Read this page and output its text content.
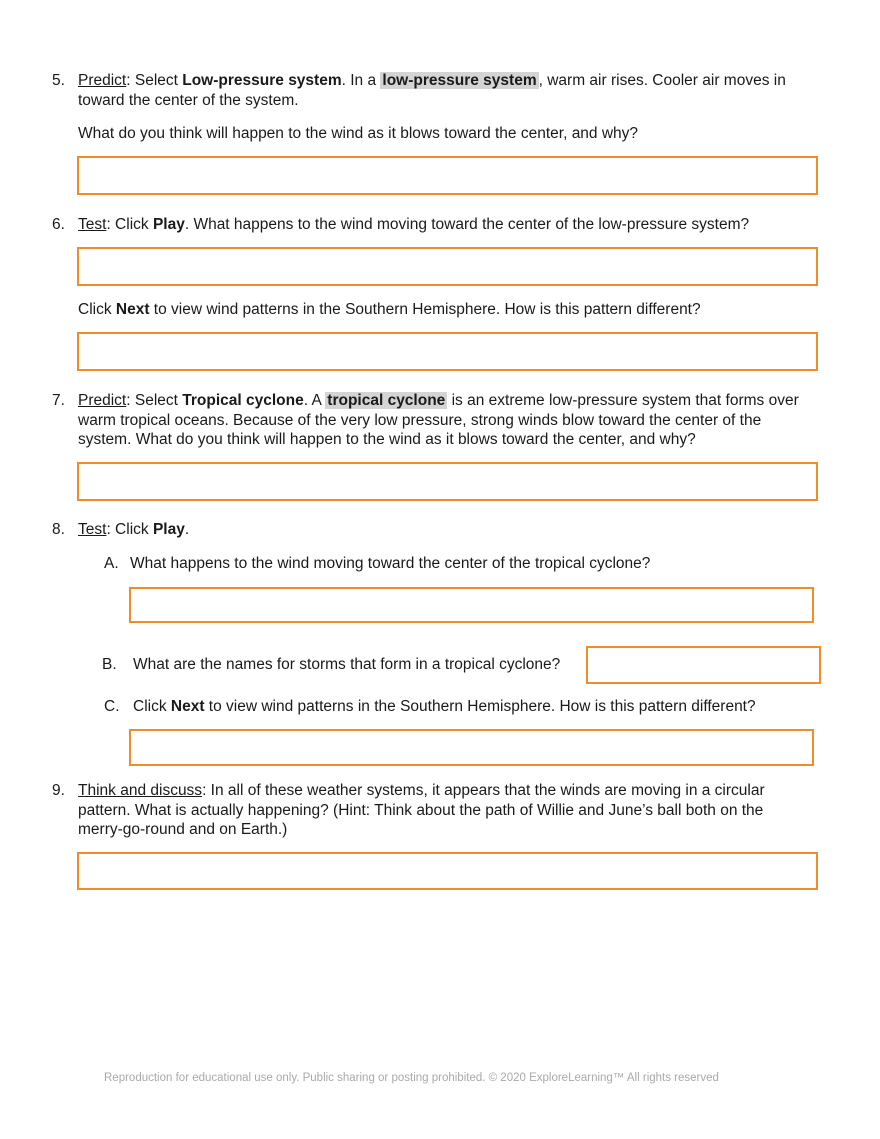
5. Predict: Select Low-pressure system. In a low-pressure system , warm air rises. Cooler air moves in
toward the center of the system.
What do you think will happen to the wind as it blows toward the center, and why?
6. Test: Click Play. What happens to the wind moving toward the center of the low-pressure system?
Click Next to view wind patterns in the Southern Hemisphere. How is this pattern different?
7. Predict: Select Tropical cyclone. A tropical cyclone is an extreme low-pressure system that forms over
warm tropical oceans. Because of the very low pressure, strong winds blow toward the center of the
system. What do you think will happen to the wind as it blows toward the center, and why?
8. Test: Click Play.
A. What happens to the wind moving toward the center of the tropical cyclone?
B. What are the names for storms that form in a tropical cyclone?
C. Click Next to view wind patterns in the Southern Hemisphere. How is this pattern different?
9. Think and discuss: In all of these weather systems, it appears that the winds are moving in a circular
pattern. What is actually happening? (Hint: Think about the path of Willie and June’s ball both on the
merry-go-round and on Earth.)
Reproduction for educational use only. Public sharing or posting prohibited. © 2020 ExploreLearning™ All rights reserved
